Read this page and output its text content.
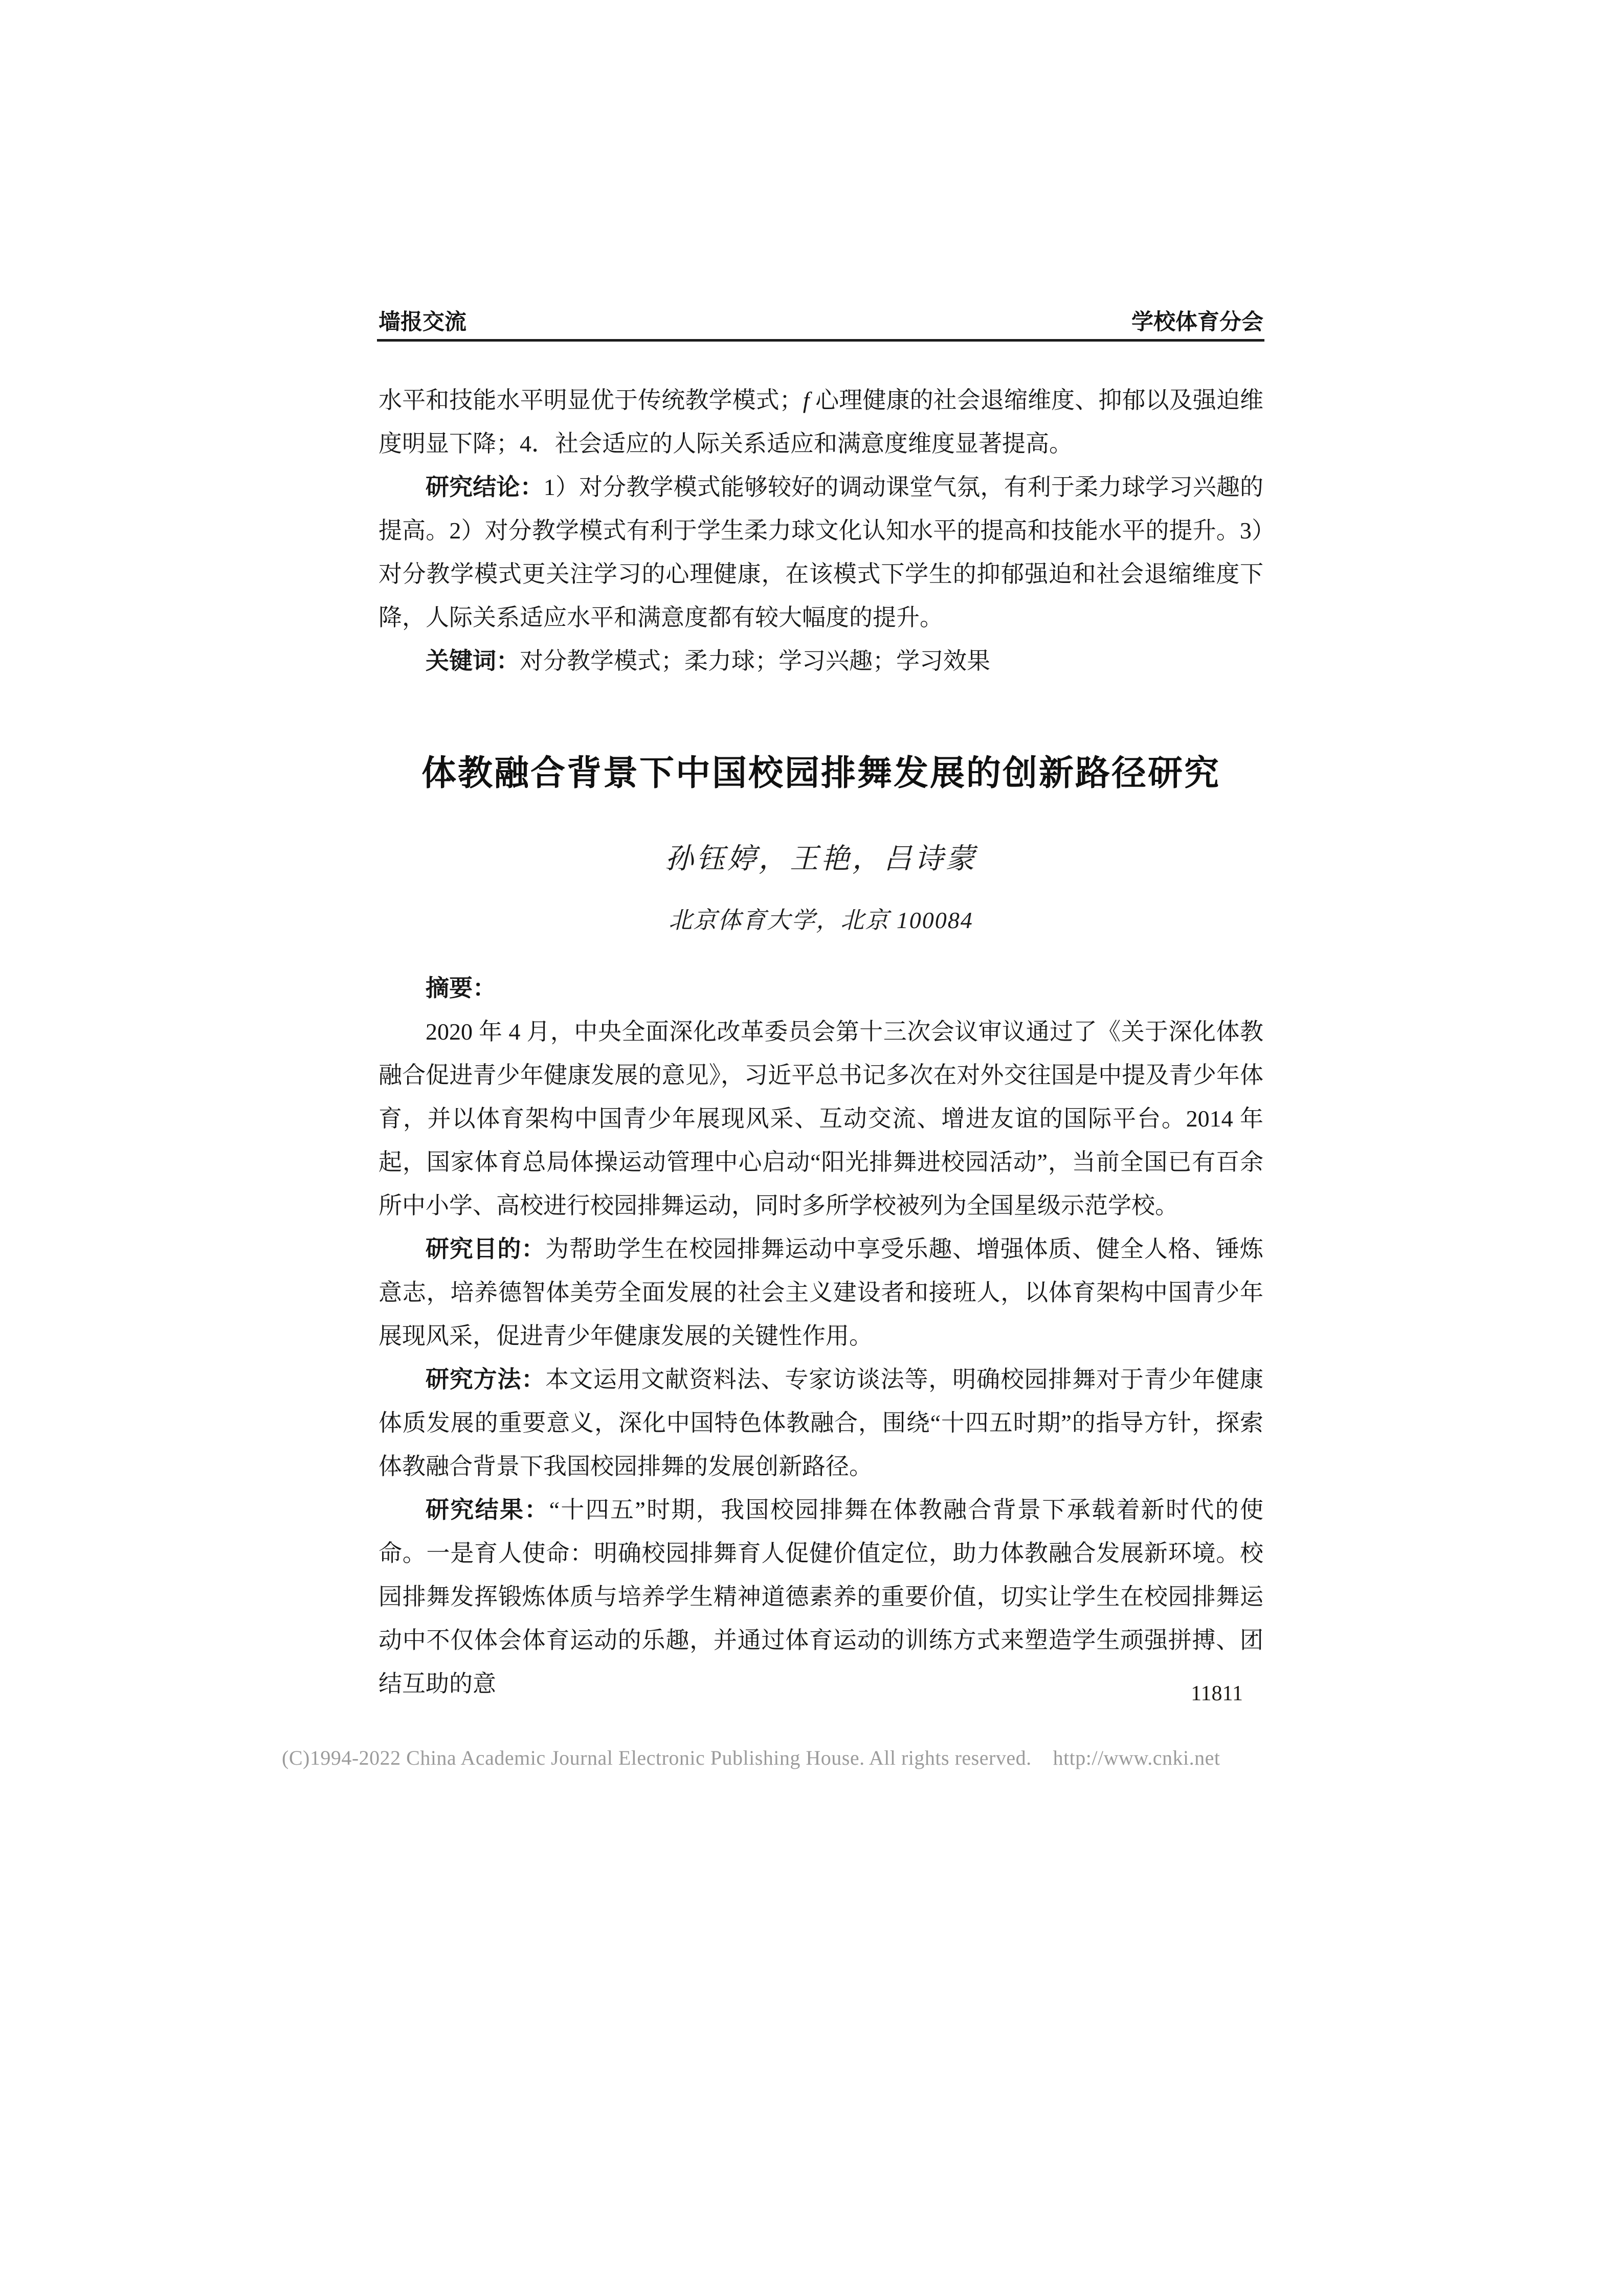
墙报交流	学校体育分会

水平和技能水平明显优于传统教学模式；f 心理健康的社会退缩维度、抑郁以及强迫维度明显下降；4．社会适应的人际关系适应和满意度维度显著提高。

研究结论：1）对分教学模式能够较好的调动课堂气氛，有利于柔力球学习兴趣的提高。2）对分教学模式有利于学生柔力球文化认知水平的提高和技能水平的提升。3）对分教学模式更关注学习的心理健康，在该模式下学生的抑郁强迫和社会退缩维度下降，人际关系适应水平和满意度都有较大幅度的提升。

关键词：对分教学模式；柔力球；学习兴趣；学习效果

体教融合背景下中国校园排舞发展的创新路径研究
孙钰婷，王艳，吕诗蒙
北京体育大学，北京 100084

摘要：

2020 年 4 月，中央全面深化改革委员会第十三次会议审议通过了《关于深化体教融合促进青少年健康发展的意见》，习近平总书记多次在对外交往国是中提及青少年体育，并以体育架构中国青少年展现风采、互动交流、增进友谊的国际平台。2014 年起，国家体育总局体操运动管理中心启动“阳光排舞进校园活动”，当前全国已有百余所中小学、高校进行校园排舞运动，同时多所学校被列为全国星级示范学校。

研究目的：为帮助学生在校园排舞运动中享受乐趣、增强体质、健全人格、锤炼意志，培养德智体美劳全面发展的社会主义建设者和接班人，以体育架构中国青少年展现风采，促进青少年健康发展的关键性作用。

研究方法：本文运用文献资料法、专家访谈法等，明确校园排舞对于青少年健康体质发展的重要意义，深化中国特色体教融合，围绕“十四五时期”的指导方针，探索体教融合背景下我国校园排舞的发展创新路径。

研究结果：“十四五”时期，我国校园排舞在体教融合背景下承载着新时代的使命。一是育人使命：明确校园排舞育人促健价值定位，助力体教融合发展新环境。校园排舞发挥锻炼体质与培养学生精神道德素养的重要价值，切实让学生在校园排舞运动中不仅体会体育运动的乐趣，并通过体育运动的训练方式来塑造学生顽强拼搏、团结互助的意	11811
(C)1994-2022 China Academic Journal Electronic Publishing House. All rights reserved.    http://www.cnki.net
